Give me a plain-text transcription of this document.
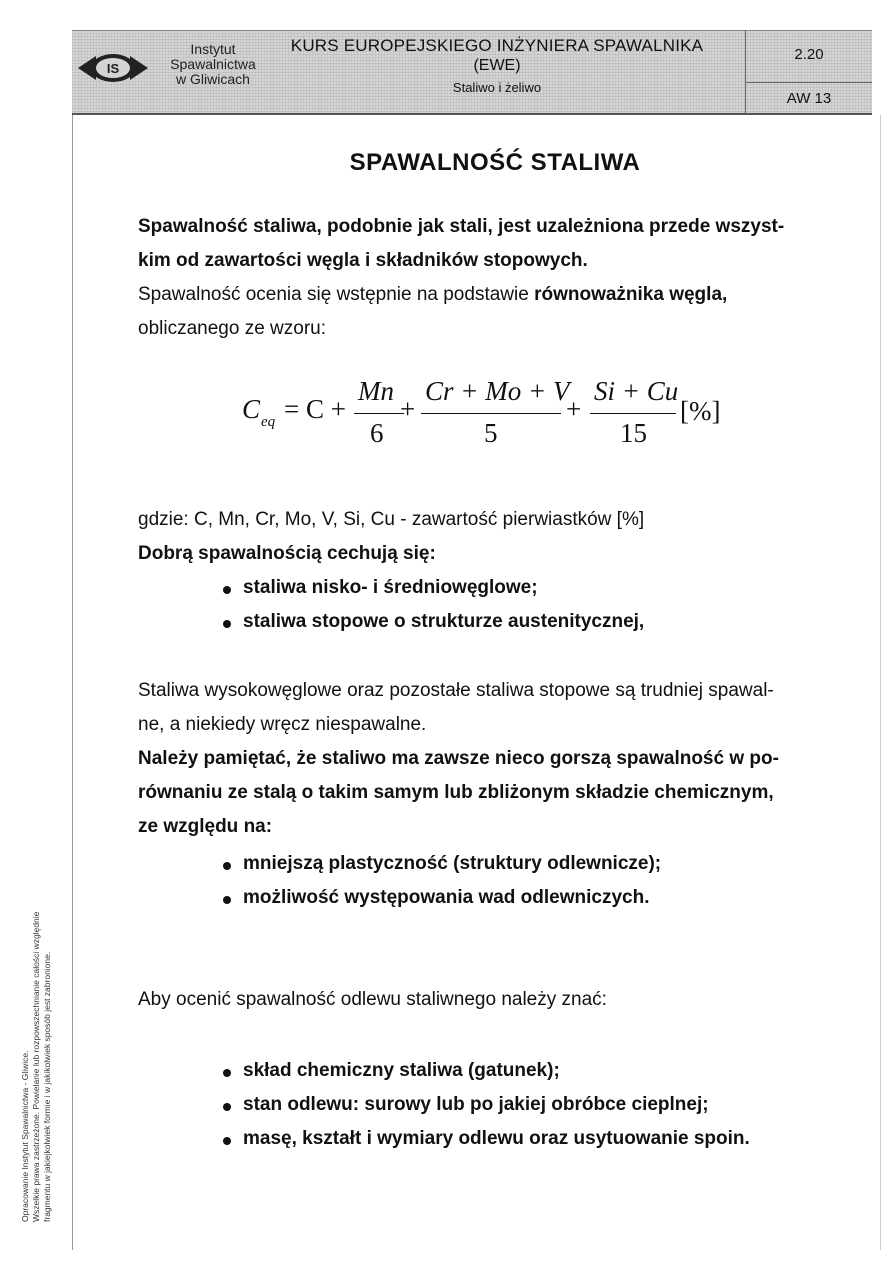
IS
Instytut
Spawalnictwa
w Gliwicach
KURS EUROPEJSKIEGO INŻYNIERA SPAWALNIKA
(EWE)
Staliwo i żeliwo
2.20
AW 13
SPAWALNOŚĆ STALIWA
Spawalność staliwa, podobnie jak stali, jest uzależniona przede wszyst-
kim od zawartości węgla i składników stopowych.
Spawalność ocenia się wstępnie na podstawie równoważnika węgla,
obliczanego ze wzoru:
C eq = C +
Mn
6
+
Cr + Mo + V
5
+
Si + Cu
15
[%]
gdzie: C, Mn, Cr, Mo, V, Si, Cu - zawartość pierwiastków [%]
Dobrą spawalnością cechują się:
staliwa nisko- i średniowęglowe;
staliwa stopowe o strukturze austenitycznej,
Staliwa wysokowęglowe oraz pozostałe staliwa stopowe są trudniej spawal-
ne, a niekiedy wręcz niespawalne.
Należy pamiętać, że staliwo ma zawsze nieco gorszą spawalność w po-
równaniu ze stalą o takim samym lub zbliżonym składzie chemicznym,
ze względu na:
mniejszą plastyczność (struktury odlewnicze);
możliwość występowania wad odlewniczych.
Aby ocenić spawalność odlewu staliwnego należy znać:
skład chemiczny staliwa (gatunek);
stan odlewu: surowy lub po jakiej obróbce cieplnej;
masę, kształt i wymiary odlewu oraz usytuowanie spoin.
Opracowanie Instytut Spawalnictwa - Gliwice. Wszelkie prawa zastrzeżone. Powielanie lub rozpowszechnianie całości względnie fragmentu w jakiejkolwiek formie i w jakikolwiek sposób jest zabronione.
